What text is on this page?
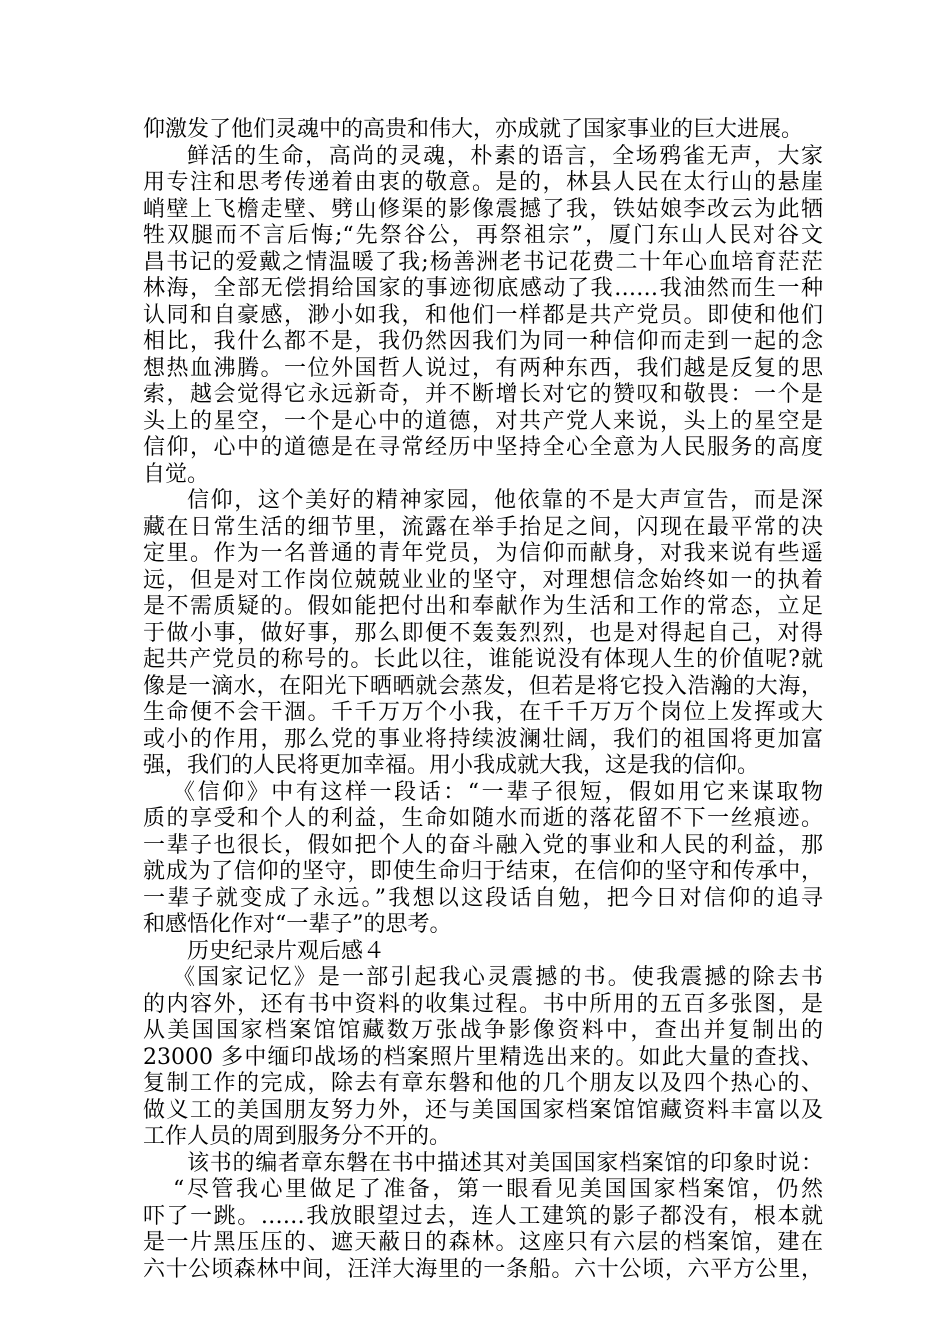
仰激发了他们灵魂中的高贵和伟大，亦成就了国家事业的巨大进展。
鲜活的生命，高尚的灵魂，朴素的语言，全场鸦雀无声，大家
用专注和思考传递着由衷的敬意。是的，林县人民在太行山的悬崖
峭壁上飞檐走壁、劈山修渠的影像震撼了我，铁姑娘李改云为此牺
牲双腿而不言后悔;“先祭谷公，再祭祖宗”，厦门东山人民对谷文
昌书记的爱戴之情温暖了我;杨善洲老书记花费二十年心血培育茫茫
林海，全部无偿捐给国家的事迹彻底感动了我……我油然而生一种
认同和自豪感，渺小如我，和他们一样都是共产党员。即使和他们
相比，我什么都不是，我仍然因我们为同一种信仰而走到一起的念
想热血沸腾。一位外国哲人说过，有两种东西，我们越是反复的思
索，越会觉得它永远新奇，并不断增长对它的赞叹和敬畏：一个是
头上的星空，一个是心中的道德，对共产党人来说，头上的星空是
信仰，心中的道德是在寻常经历中坚持全心全意为人民服务的高度
自觉。
信仰，这个美好的精神家园，他依靠的不是大声宣告，而是深
藏在日常生活的细节里，流露在举手抬足之间，闪现在最平常的决
定里。作为一名普通的青年党员，为信仰而献身，对我来说有些遥
远，但是对工作岗位兢兢业业的坚守，对理想信念始终如一的执着
是不需质疑的。假如能把付出和奉献作为生活和工作的常态，立足
于做小事，做好事，那么即便不轰轰烈烈，也是对得起自己，对得
起共产党员的称号的。长此以往，谁能说没有体现人生的价值呢?就
像是一滴水，在阳光下晒晒就会蒸发，但若是将它投入浩瀚的大海，
生命便不会干涸。千千万万个小我，在千千万万个岗位上发挥或大
或小的作用，那么党的事业将持续波澜壮阔，我们的祖国将更加富
强，我们的人民将更加幸福。用小我成就大我，这是我的信仰。
《信仰》中有这样一段话：“一辈子很短，假如用它来谋取物
质的享受和个人的利益，生命如随水而逝的落花留不下一丝痕迹。
一辈子也很长，假如把个人的奋斗融入党的事业和人民的利益，那
就成为了信仰的坚守，即使生命归于结束，在信仰的坚守和传承中，
一辈子就变成了永远。”我想以这段话自勉，把今日对信仰的追寻
和感悟化作对“一辈子”的思考。
历史纪录片观后感４
《国家记忆》是一部引起我心灵震撼的书。使我震撼的除去书
的内容外，还有书中资料的收集过程。书中所用的五百多张图，是
从美国国家档案馆馆藏数万张战争影像资料中，查出并复制出的
23000 多中缅印战场的档案照片里精选出来的。如此大量的查找、
复制工作的完成，除去有章东磐和他的几个朋友以及四个热心的、
做义工的美国朋友努力外，还与美国国家档案馆馆藏资料丰富以及
工作人员的周到服务分不开的。
该书的编者章东磐在书中描述其对美国国家档案馆的印象时说：
“尽管我心里做足了准备，第一眼看见美国国家档案馆，仍然
吓了一跳。……我放眼望过去，连人工建筑的影子都没有，根本就
是一片黑压压的、遮天蔽日的森林。这座只有六层的档案馆，建在
六十公顷森林中间，汪洋大海里的一条船。六十公顷，六平方公里，
